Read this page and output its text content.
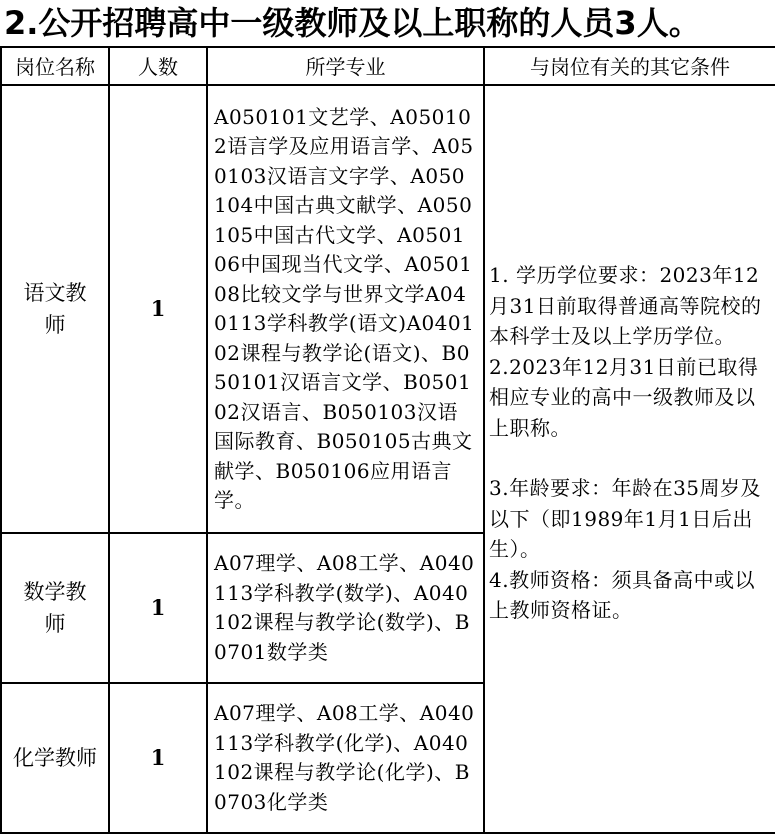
2.公开招聘高中一级教师及以上职称的人员3人。
岗位名称	人数	所学专业	与岗位有关的其它条件

语文教师	1	A050101文艺学、A050102语言学及应用语言学、A050103汉语言文字学、A050104中国古典文献学、A050105中国古代文学、A050106中国现当代文学、A050108比较文学与世界文学A040113学科教学(语文)A040102课程与教学论(语文)、B050101汉语言文学、B050102汉语言、B050103汉语国际教育、B050105古典文献学、B050106应用语言学。	1. 学历学位要求：2023年12月31日前取得普通高等院校的本科学士及以上学历学位。

2.2023年12月31日前已取得相应专业的高中一级教师及以上职称。

3.年龄要求：年龄在35周岁及以下（即1989年1月1日后出生）。

4.教师资格：须具备高中或以上教师资格证。

数学教师	1	A07理学、A08工学、A040113学科教学(数学)、A040102课程与教学论(数学)、B0701数学类	
化学教师	1	A07理学、A08工学、A040113学科教学(化学)、A040102课程与教学论(化学)、B0703化学类	
